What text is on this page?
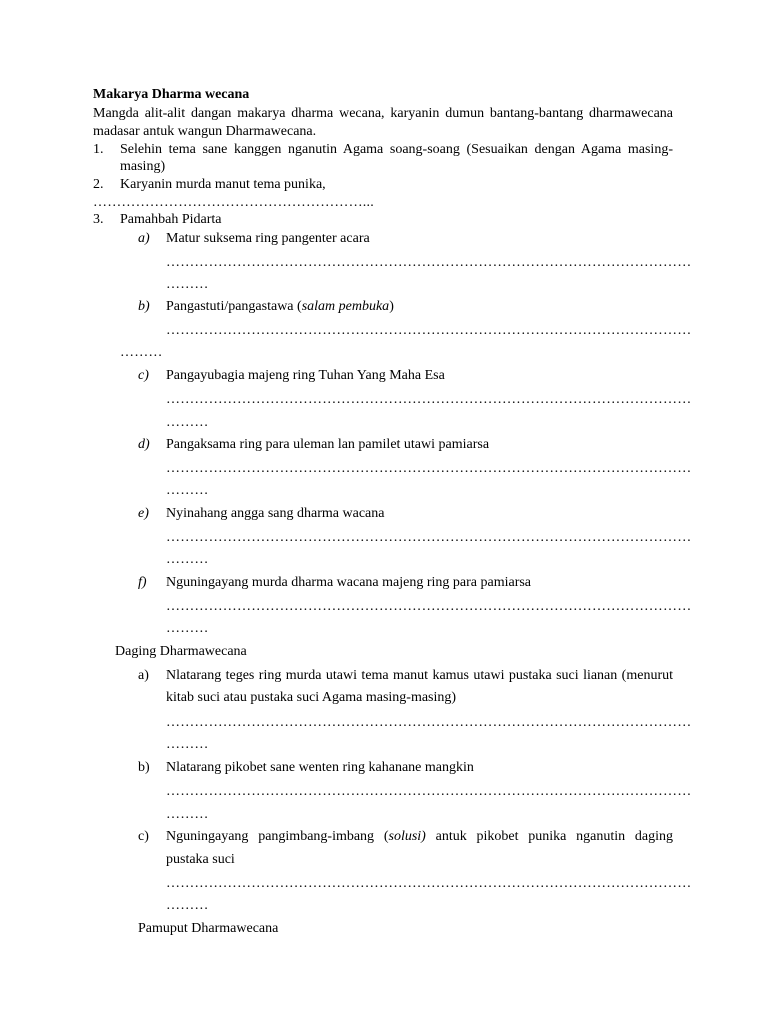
Makarya Dharma wecana
Mangda alit-alit dangan makarya dharma wecana, karyanin dumun bantang-bantang dharmawecana
madasar antuk wangun Dharmawecana.
1. Selehin tema sane kanggen nganutin Agama soang-soang (Sesuaikan dengan Agama masing-
masing)
2. Karyanin murda manut tema punika,
…………………………………………………...
3. Pamahbah Pidarta
a) Matur suksema ring pangenter acara
…………………………………………………………………………………………………
………
b) Pangastuti/pangastawa (salam pembuka)
…………………………………………………………………………………………………
………
c) Pangayubagia majeng ring Tuhan Yang Maha Esa
…………………………………………………………………………………………………
………
d) Pangaksama ring para uleman lan pamilet utawi pamiarsa
…………………………………………………………………………………………………
………
e) Nyinahang angga sang dharma wacana
…………………………………………………………………………………………………
………
f) Nguningayang murda dharma wacana majeng ring para pamiarsa
…………………………………………………………………………………………………
………
Daging Dharmawecana
a) Nlatarang teges ring murda utawi tema manut kamus utawi pustaka suci lianan (menurut
kitab suci atau pustaka suci Agama masing-masing)
…………………………………………………………………………………………………
………
b) Nlatarang pikobet sane wenten ring kahanane mangkin
…………………………………………………………………………………………………
………
c) Nguningayang pangimbang-imbang (solusi) antuk pikobet punika nganutin daging
pustaka suci
…………………………………………………………………………………………………
………
Pamuput Dharmawecana
